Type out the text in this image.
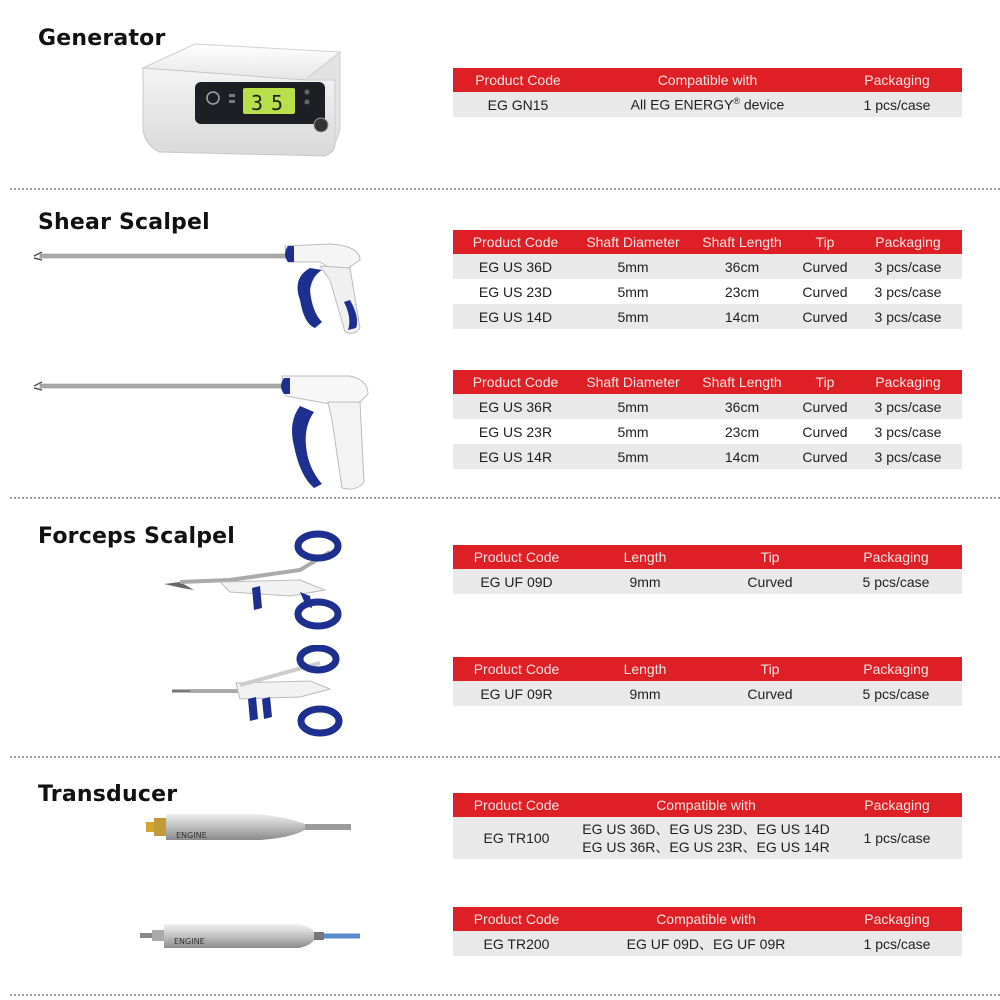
Generator
3 5
Product Code	Compatible with	Packaging
EG GN15	All EG ENERGY® device	1 pcs/case
Shear Scalpel
Product Code	Shaft Diameter	Shaft Length	Tip	Packaging
EG US 36D	5mm	36cm	Curved	3 pcs/case
EG US 23D	5mm	23cm	Curved	3 pcs/case
EG US 14D	5mm	14cm	Curved	3 pcs/case
Product Code	Shaft Diameter	Shaft Length	Tip	Packaging
EG US 36R	5mm	36cm	Curved	3 pcs/case
EG US 23R	5mm	23cm	Curved	3 pcs/case
EG US 14R	5mm	14cm	Curved	3 pcs/case
Forceps Scalpel
Product Code	Length	Tip	Packaging
EG UF 09D	9mm	Curved	5 pcs/case
Product Code	Length	Tip	Packaging
EG UF 09R	9mm	Curved	5 pcs/case
Transducer
ENGINE
Product Code	Compatible with	Packaging
EG TR100	EG US 36D、EG US 23D、EG US 14D
EG US 36R、EG US 23R、EG US 14R	1 pcs/case
ENGINE
Product Code	Compatible with	Packaging
EG TR200	EG UF 09D、EG UF 09R	1 pcs/case
